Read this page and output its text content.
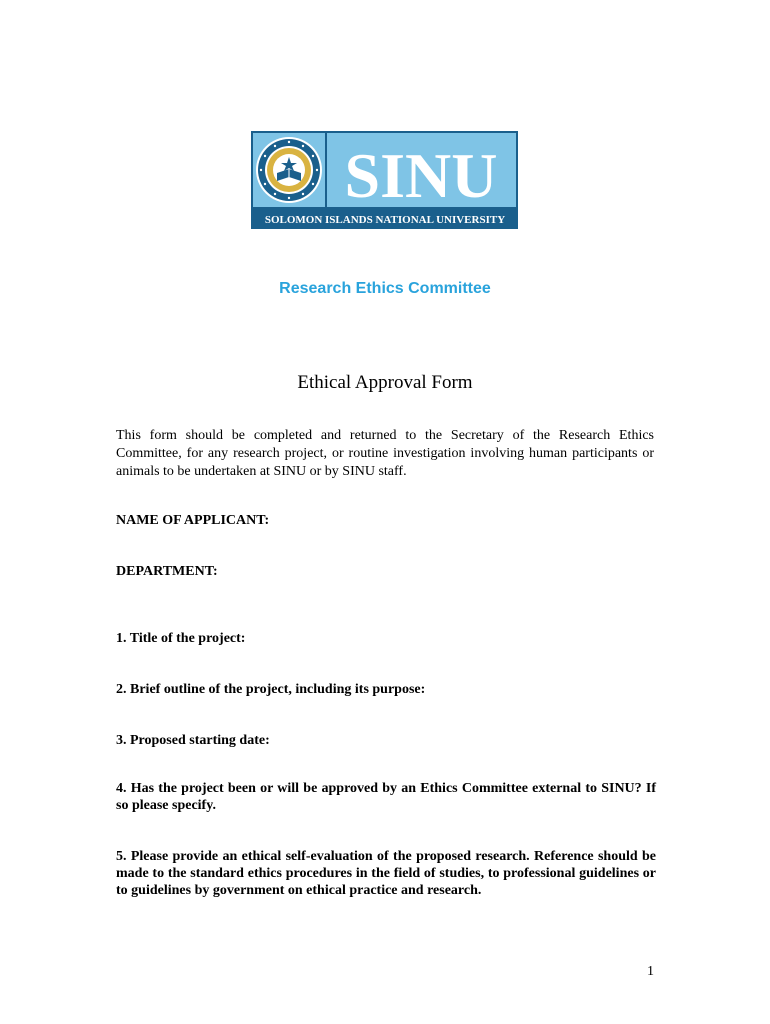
SINU
SOLOMON ISLANDS NATIONAL UNIVERSITY
Research Ethics Committee
Ethical Approval Form

This form should be completed and returned to the Secretary of the Research Ethics Committee, for any research project, or routine investigation involving human participants or animals to be undertaken at SINU or by SINU staff.

NAME OF APPLICANT:

DEPARTMENT:

1. Title of the project:

2. Brief outline of the project, including its purpose:

3. Proposed starting date:

4. Has the project been or will be approved by an Ethics Committee external to SINU? If so please specify.

5. Please provide an ethical self-evaluation of the proposed research. Reference should be made to the standard ethics procedures in the field of studies, to professional guidelines or to guidelines by government on ethical practice and research.

1
